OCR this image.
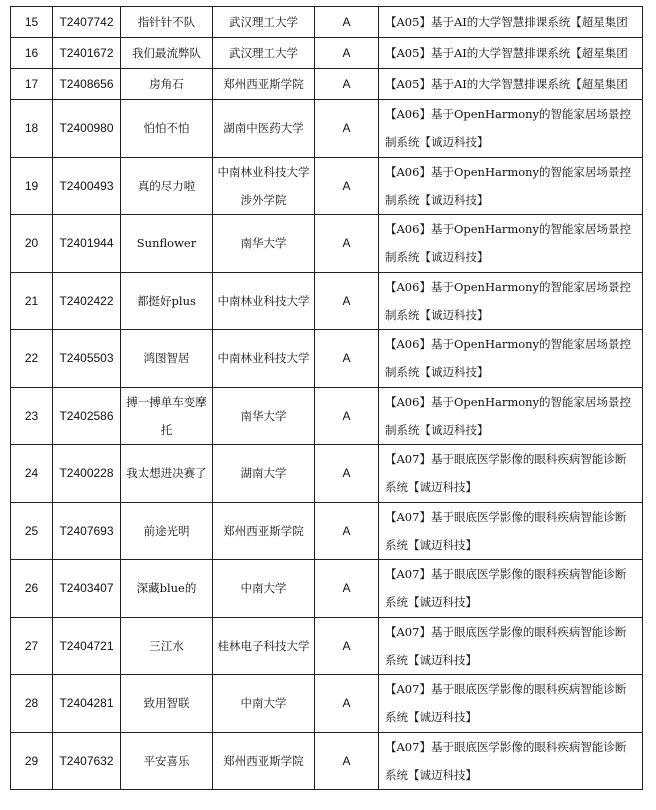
15	T2407742	指针针不队	武汉理工大学	A	【A05】基于AI的大学智慧排课系统【超星集团
16	T2401672	我们最流弊队	武汉理工大学	A	【A05】基于AI的大学智慧排课系统【超星集团
17	T2408656	房角石	郑州西亚斯学院	A	【A05】基于AI的大学智慧排课系统【超星集团
18	T2400980	怕怕不怕	湖南中医药大学	A	【A06】基于OpenHarmony的智能家居场景控制系统【诚迈科技】
19	T2400493	真的尽力啦	中南林业科技大学涉外学院	A	【A06】基于OpenHarmony的智能家居场景控制系统【诚迈科技】
20	T2401944	Sunflower	南华大学	A	【A06】基于OpenHarmony的智能家居场景控制系统【诚迈科技】
21	T2402422	都挺好plus	中南林业科技大学	A	【A06】基于OpenHarmony的智能家居场景控制系统【诚迈科技】
22	T2405503	鸿图智居	中南林业科技大学	A	【A06】基于OpenHarmony的智能家居场景控制系统【诚迈科技】
23	T2402586	搏一搏单车变摩托	南华大学	A	【A06】基于OpenHarmony的智能家居场景控制系统【诚迈科技】
24	T2400228	我太想进决赛了	湖南大学	A	【A07】基于眼底医学影像的眼科疾病智能诊断系统【诚迈科技】
25	T2407693	前途光明	郑州西亚斯学院	A	【A07】基于眼底医学影像的眼科疾病智能诊断系统【诚迈科技】
26	T2403407	深藏blue的	中南大学	A	【A07】基于眼底医学影像的眼科疾病智能诊断系统【诚迈科技】
27	T2404721	三江水	桂林电子科技大学	A	【A07】基于眼底医学影像的眼科疾病智能诊断系统【诚迈科技】
28	T2404281	致用智联	中南大学	A	【A07】基于眼底医学影像的眼科疾病智能诊断系统【诚迈科技】
29	T2407632	平安喜乐	郑州西亚斯学院	A	【A07】基于眼底医学影像的眼科疾病智能诊断系统【诚迈科技】
